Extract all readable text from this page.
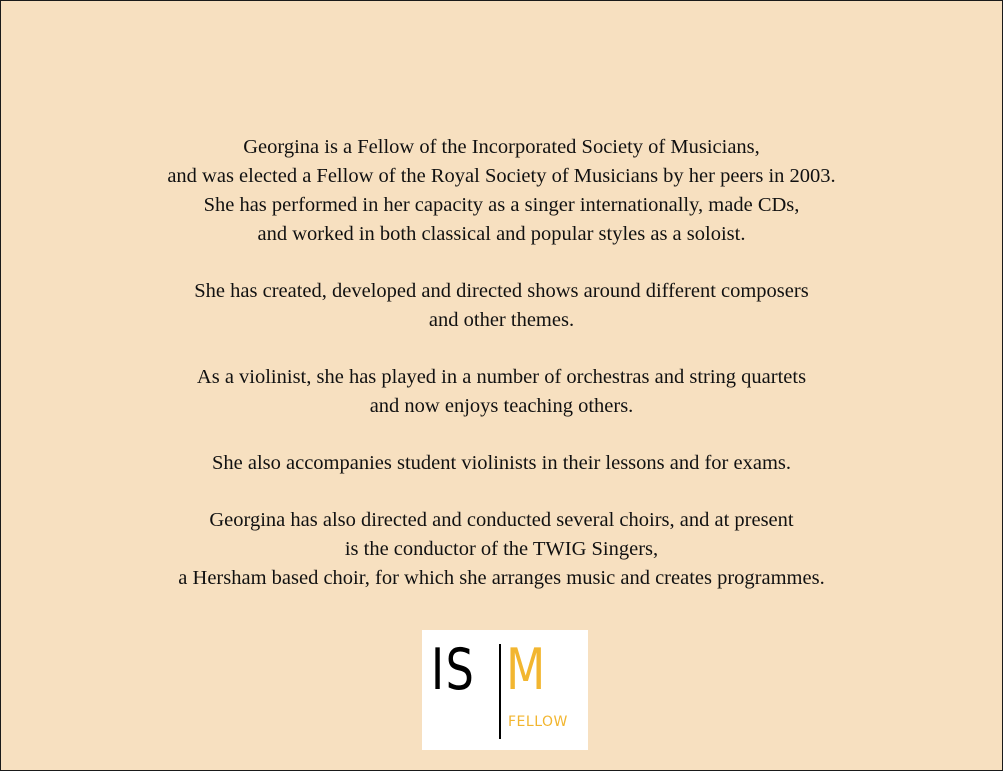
Georgina is a Fellow of the Incorporated Society of Musicians,
and was elected a Fellow of the Royal Society of Musicians by her peers in 2003.
She has performed in her capacity as a singer internationally, made CDs,
and worked in both classical and popular styles as a soloist.

She has created, developed and directed shows around different composers
and other themes.

As a violinist, she has played in a number of orchestras and string quartets
and now enjoys teaching others.

She also accompanies student violinists in their lessons and for exams.

Georgina has also directed and conducted several choirs, and at present
is the conductor of the TWIG Singers,
a Hersham based choir, for which she arranges music and creates programmes.

IS M
FELLOW
